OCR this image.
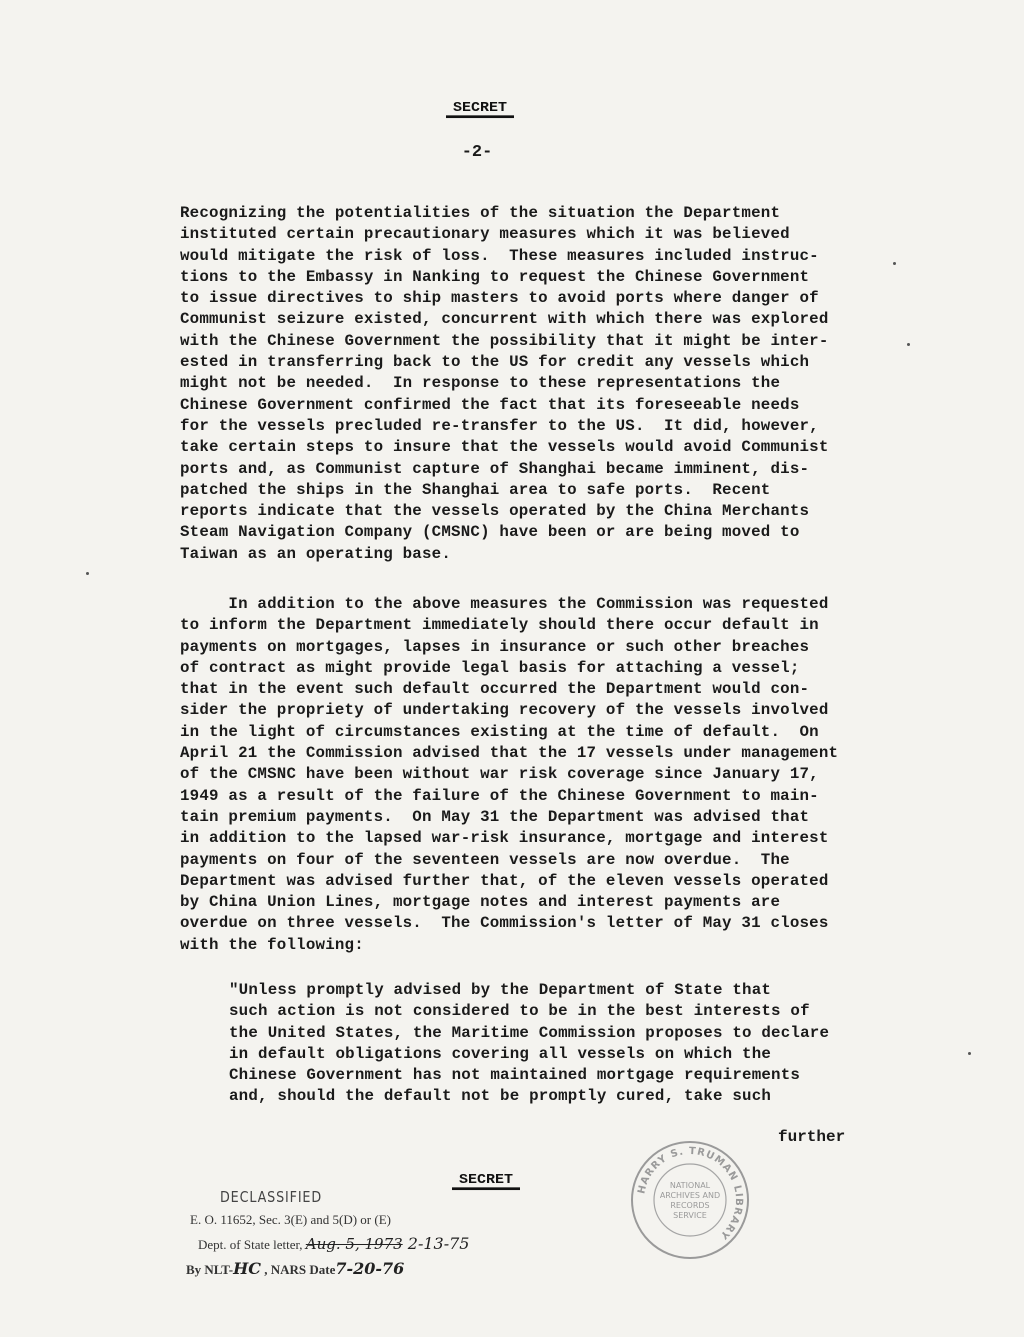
SECRET
-2-
Recognizing the potentialities of the situation the Department
instituted certain precautionary measures which it was believed
would mitigate the risk of loss.  These measures included instruc-
tions to the Embassy in Nanking to request the Chinese Government
to issue directives to ship masters to avoid ports where danger of
Communist seizure existed, concurrent with which there was explored
with the Chinese Government the possibility that it might be inter-
ested in transferring back to the US for credit any vessels which
might not be needed.  In response to these representations the
Chinese Government confirmed the fact that its foreseeable needs
for the vessels precluded re-transfer to the US.  It did, however,
take certain steps to insure that the vessels would avoid Communist
ports and, as Communist capture of Shanghai became imminent, dis-
patched the ships in the Shanghai area to safe ports.  Recent
reports indicate that the vessels operated by the China Merchants
Steam Navigation Company (CMSNC) have been or are being moved to
Taiwan as an operating base.
In addition to the above measures the Commission was requested
to inform the Department immediately should there occur default in
payments on mortgages, lapses in insurance or such other breaches
of contract as might provide legal basis for attaching a vessel;
that in the event such default occurred the Department would con-
sider the propriety of undertaking recovery of the vessels involved
in the light of circumstances existing at the time of default.  On
April 21 the Commission advised that the 17 vessels under management
of the CMSNC have been without war risk coverage since January 17,
1949 as a result of the failure of the Chinese Government to main-
tain premium payments.  On May 31 the Department was advised that
in addition to the lapsed war-risk insurance, mortgage and interest
payments on four of the seventeen vessels are now overdue.  The
Department was advised further that, of the eleven vessels operated
by China Union Lines, mortgage notes and interest payments are
overdue on three vessels.  The Commission's letter of May 31 closes
with the following:
"Unless promptly advised by the Department of State that
such action is not considered to be in the best interests of
the United States, the Maritime Commission proposes to declare
in default obligations covering all vessels on which the
Chinese Government has not maintained mortgage requirements
and, should the default not be promptly cured, take such
further
SECRET
DECLASSIFIED
E. O. 11652, Sec. 3(E) and 5(D) or (E)
Dept. of State letter, Aug. 5, 1973 2-13-75
By NLT-HC , NARS Date7-20-76
HARRY S. TRUMAN LIBRARY
NATIONAL
ARCHIVES AND
RECORDS
SERVICE
